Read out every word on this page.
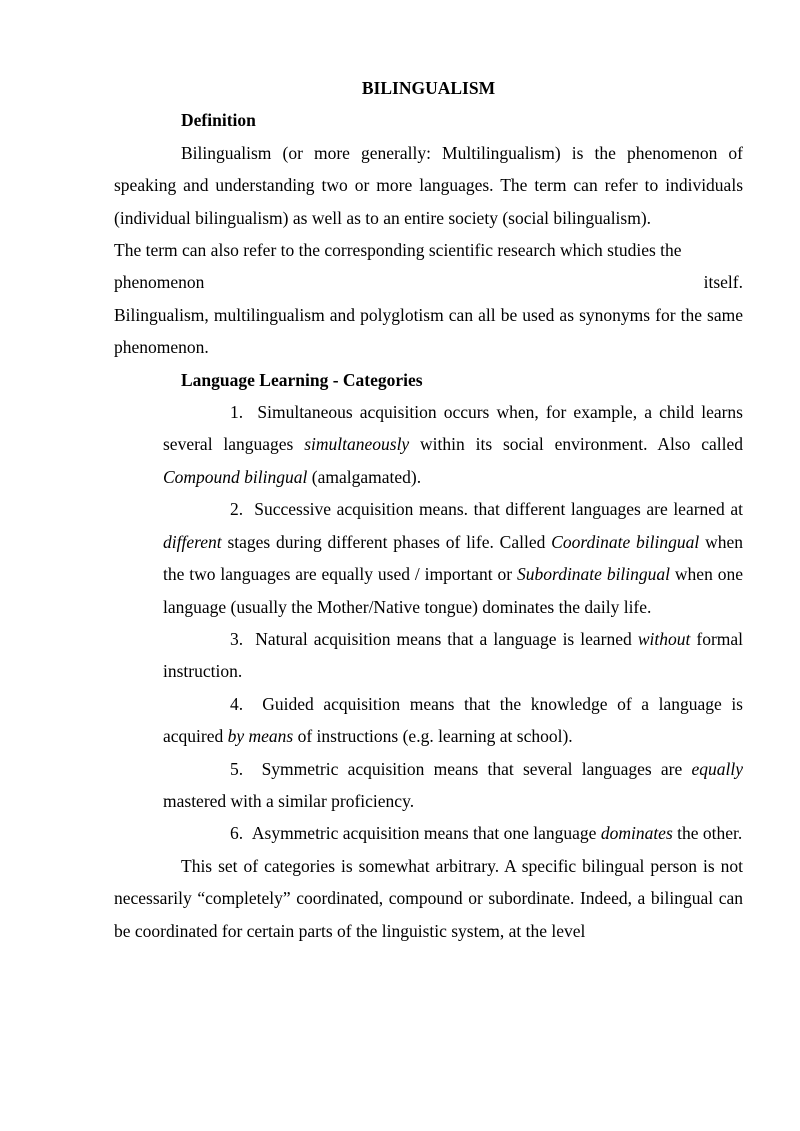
BILINGUALISM

Definition

Bilingualism (or more generally: Multilingualism) is the phenomenon of speaking and understanding two or more languages. The term can refer to individuals (individual bilingualism) as well as to an entire society (social bilingualism).

The term can also refer to the corresponding scientific research which studies the

phenomenon	itself.

Bilingualism, multilingualism and polyglotism can all be used as synonyms for the same phenomenon.

Language Learning - Categories

1. Simultaneous acquisition occurs when, for example, a child learns several languages simultaneously within its social environment. Also called Compound bilingual (amalgamated).
2. Successive acquisition means. that different languages are learned at different stages during different phases of life. Called Coordinate bilingual when the two languages are equally used / important or Subordinate bilingual when one language (usually the Mother/Native tongue) dominates the daily life.
3. Natural acquisition means that a language is learned without formal instruction.
4. Guided acquisition means that the knowledge of a language is acquired by means of instructions (e.g. learning at school).
5. Symmetric acquisition means that several languages are equally mastered with a similar proficiency.
6. Asymmetric acquisition means that one language dominates the other.

This set of categories is somewhat arbitrary. A specific bilingual person is not necessarily “completely” coordinated, compound or subordinate. Indeed, a bilingual can be coordinated for certain parts of the linguistic system, at the level
